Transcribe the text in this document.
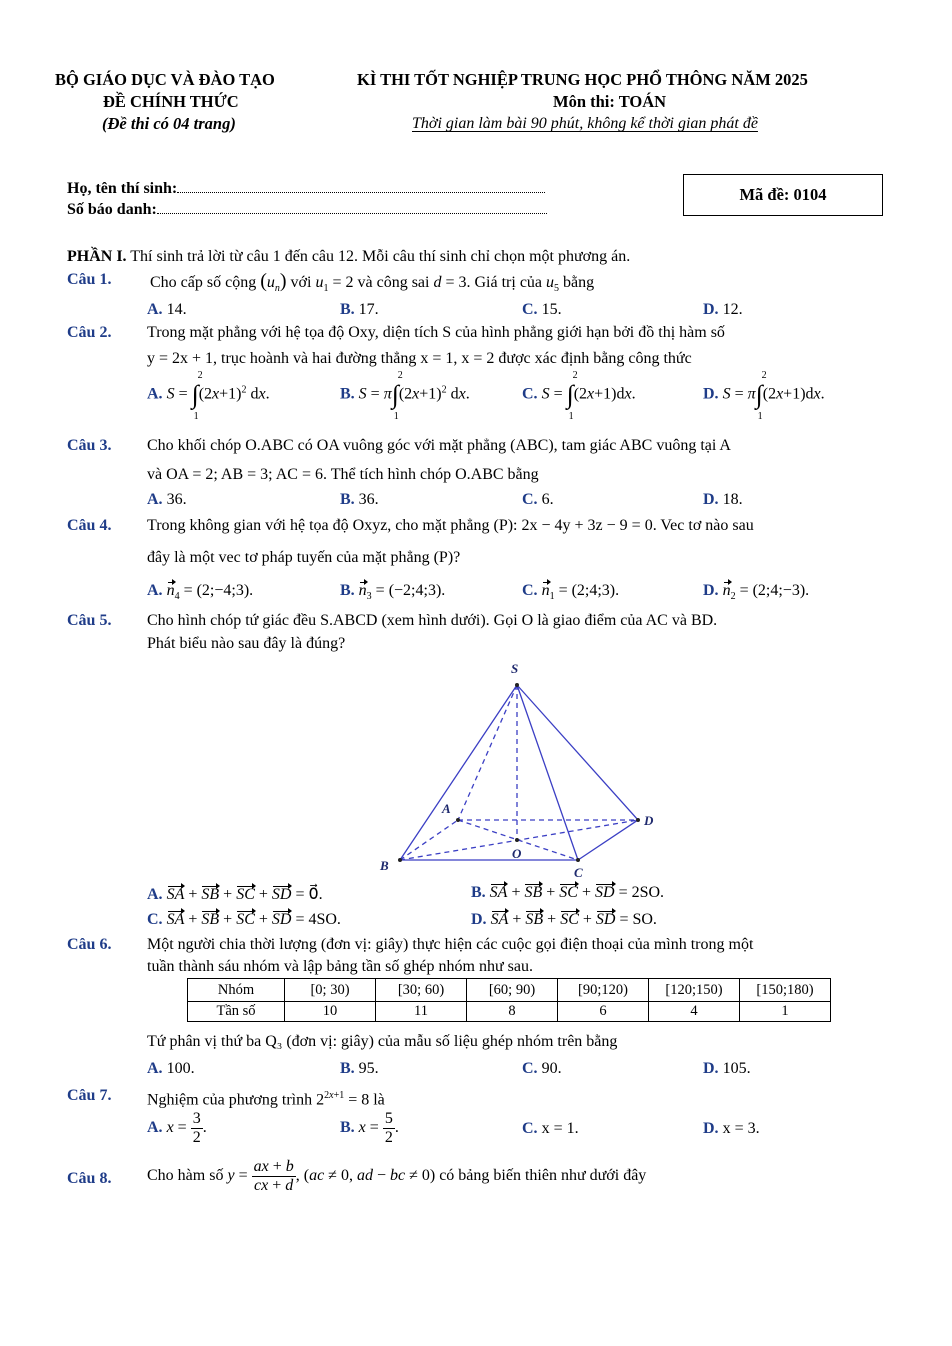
BỘ GIÁO DỤC VÀ ĐÀO TẠO
ĐỀ CHÍNH THỨC
(Đề thi có 04 trang)
KÌ THI TỐT NGHIỆP TRUNG HỌC PHỔ THÔNG NĂM 2025
Môn thi: TOÁN
Thời gian làm bài 90 phút, không kể thời gian phát đề
Họ, tên thí sinh:
Số báo danh:
Mã đề: 0104
PHẦN I. Thí sinh trả lời từ câu 1 đến câu 12. Mỗi câu thí sinh chỉ chọn một phương án.
Câu 1. Cho cấp số cộng $(u_n)$ với $u_1 = 2$ và công sai d = 3. Giá trị của $u_5$ bằng
A. 14.	B. 17.	C. 15.	D. 12.
Câu 2. Trong mặt phẳng với hệ tọa độ Oxy, diện tích S của hình phẳng giới hạn bởi đồ thị hàm số
y = 2x + 1, trục hoành và hai đường thẳng x = 1, x = 2 được xác định bằng công thức
A. S = ∫
2
1
$(2x+1)^2$ dx.	B. S = π∫
2
1
$(2x+1)^2$ dx.	C. S = ∫
2
1
(2x+1)dx.	D. S = π∫
2
1
(2x+1)dx.
Câu 3. Cho khối chóp O.ABC có OA vuông góc với mặt phẳng (ABC), tam giác ABC vuông tại A
và OA = 2; AB = 3; AC = 6. Thể tích hình chóp O.ABC bằng
A. 36.	B. 36.	C. 6.	D. 18.
Câu 4. Trong không gian với hệ tọa độ Oxyz, cho mặt phẳng (P): 2x − 4y + 3z − 9 = 0. Vec tơ nào sau
đây là một vec tơ pháp tuyến của mặt phẳng (P)?
A. $n_4$ = (2;−4;3).	B. $n_3$ = (−2;4;3).	C. $n_1$ = (2;4;3).	D. $n_2$ = (2;4;−3).
Câu 5. Cho hình chóp tứ giác đều S.ABCD (xem hình dưới). Gọi O là giao điểm của AC và BD.
Phát biểu nào sau đây là đúng?
S
A
D
O
B	C
A. SA + SB + SC + SD = 0⃗.	B. SA + SB + SC + SD = 2SO.
C. SA + SB + SC + SD = 4SO.	D. SA + SB + SC + SD = SO.
Câu 6. Một người chia thời lượng (đơn vị: giây) thực hiện các cuộc gọi điện thoại của mình trong một
tuần thành sáu nhóm và lập bảng tần số ghép nhóm như sau.
Nhóm	[0; 30)	[30; 60)	[60; 90)	[90;120)	[120;150)	[150;180)
Tần số	10	11	8	6	4	1
Tứ phân vị thứ ba Q₃ (đơn vị: giây) của mẫu số liệu ghép nhóm trên bằng
A. 100.	B. 95.	C. 90.	D. 105.
Câu 7. Nghiệm của phương trình $2^{2x+1} = 8$ là
A. $x = \frac{3}{2}$ .	B. $x = \frac{5}{2}$ .	C. x = 1.	D. x = 3.
Câu 8. Cho hàm số $y = \frac{ax + b}{cx + d}$ , (ac ≠ 0, ad − bc ≠ 0) có bảng biến thiên như dưới đây
